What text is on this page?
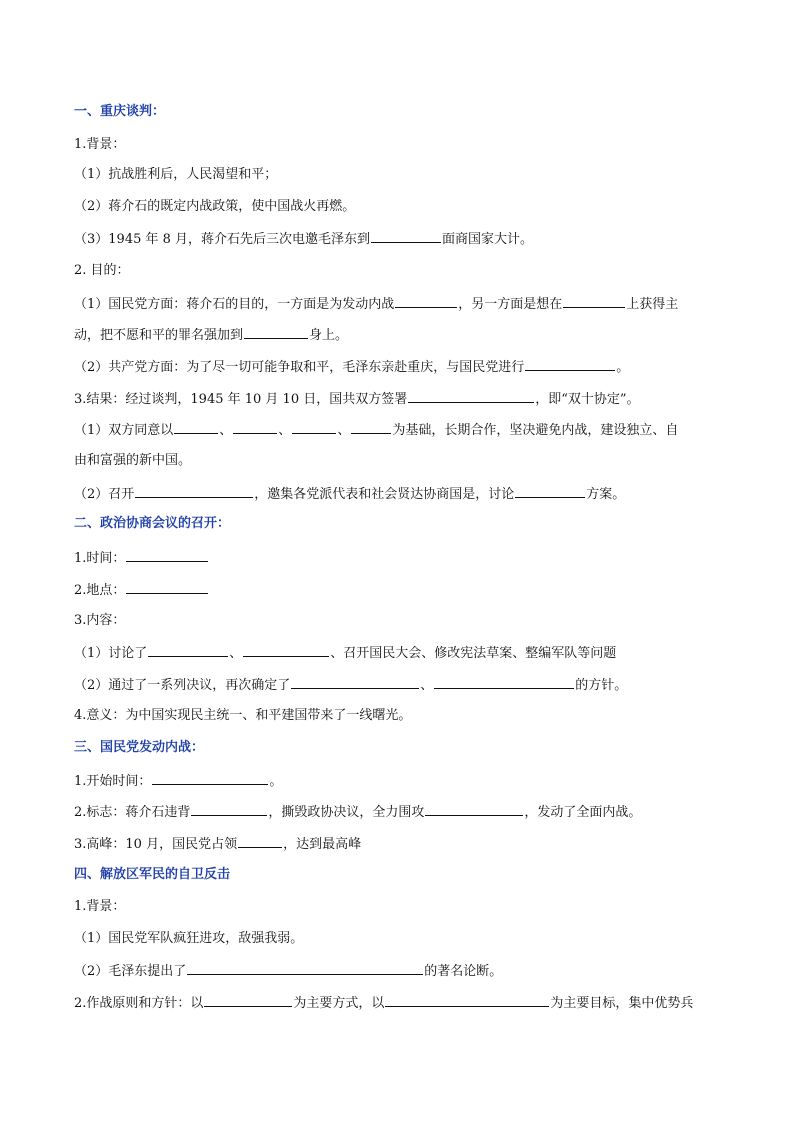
一、重庆谈判：
1.背景：
（1）抗战胜利后，人民渴望和平；
（2）蒋介石的既定内战政策，使中国战火再燃。
（3）1945 年 8 月，蒋介石先后三次电邀毛泽东到	面商国家大计。
2. 目的：
（1）国民党方面：蒋介石的目的，一方面是为发动内战	，另一方面是想在	上获得主
动，把不愿和平的罪名强加到	身上。
（2）共产党方面：为了尽一切可能争取和平，毛泽东亲赴重庆，与国民党进行	。
3.结果：经过谈判，1945 年 10 月 10 日，国共双方签署	，即“双十协定”。
（1）双方同意以	、	、	、	为基础，长期合作，坚决避免内战，建设独立、自
由和富强的新中国。
（2）召开	，邀集各党派代表和社会贤达协商国是，讨论	方案。
二、政治协商会议的召开：
1.时间：
2.地点：
3.内容：
（1）讨论了	、	、召开国民大会、修改宪法草案、整编军队等问题
（2）通过了一系列决议，再次确定了	、	的方针。
4.意义：为中国实现民主统一、和平建国带来了一线曙光。
三、国民党发动内战：
1.开始时间：	。
2.标志：蒋介石违背	，撕毁政协决议，全力围攻	，发动了全面内战。
3.高峰：10 月，国民党占领	，达到最高峰
四、解放区军民的自卫反击
1.背景：
（1）国民党军队疯狂进攻，敌强我弱。
（2）毛泽东提出了	的著名论断。
2.作战原则和方针：以	为主要方式，以	为主要目标，集中优势兵
